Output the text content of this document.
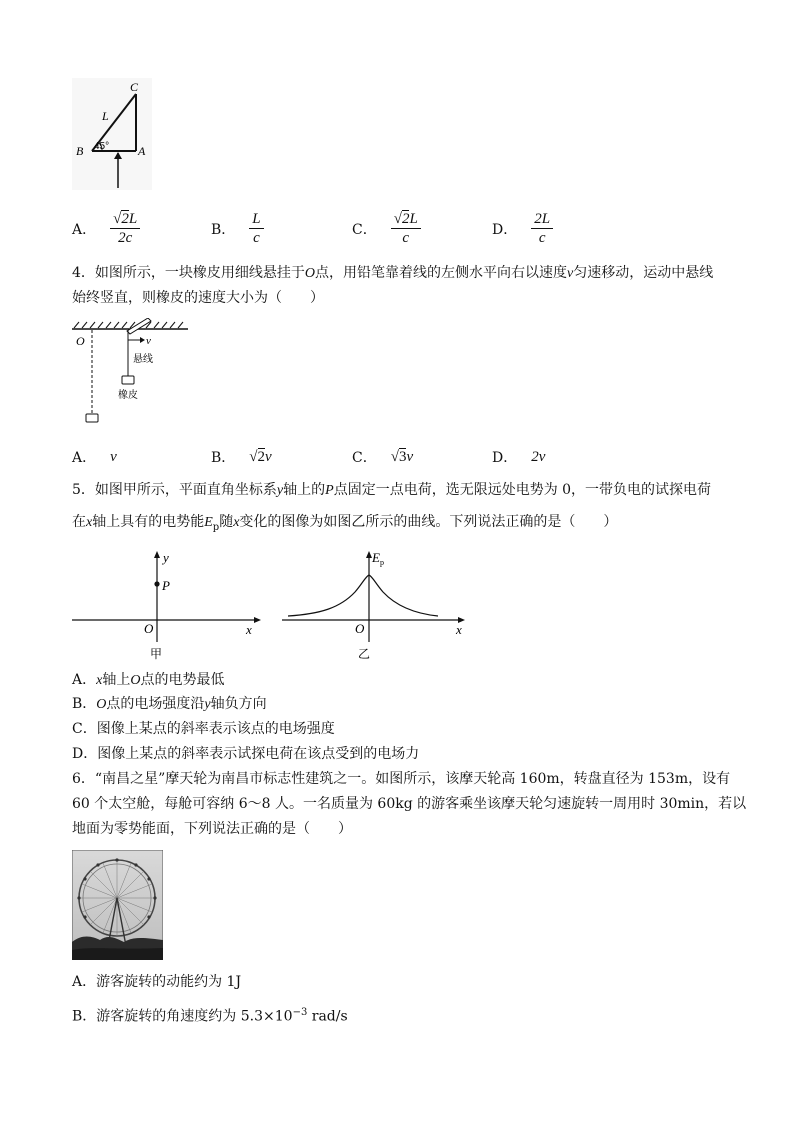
C
L
B	A
45°
A． $\frac{√2L}{2c}$	B． $\frac{L}{c}$	C． $\frac{√2L}{c}$	D． $\frac{2L}{c}$
4．如图所示，一块橡皮用细线悬挂于O点，用铅笔靠着线的左侧水平向右以速度v匀速移动，运动中悬线
始终竖直，则橡皮的速度大小为（　　）
O	v
悬线
橡皮
A． v	B． √2v	C． √3v	D． 2v
5．如图甲所示，平面直角坐标系y轴上的P点固定一点电荷，选无限远处电势为 0，一带负电的试探电荷
在x轴上具有的电势能$E_p$随x变化的图像为如图乙所示的曲线。下列说法正确的是（　　）
y
P
O	x
甲
$E_p$
O	x
乙
A．x轴上O点的电势最低
B．O点的电场强度沿y轴负方向
C．图像上某点的斜率表示该点的电场强度
D．图像上某点的斜率表示试探电荷在该点受到的电场力
6．“南昌之星”摩天轮为南昌市标志性建筑之一。如图所示，该摩天轮高 160m，转盘直径为 153m，设有
60 个太空舱，每舱可容纳 6～8 人。一名质量为 60kg 的游客乘坐该摩天轮匀速旋转一周用时 30min，若以
地面为零势能面，下列说法正确的是（　　）
A．游客旋转的动能约为 1J
B．游客旋转的角速度约为 $5.3\times 10^{-3}$ rad/s
